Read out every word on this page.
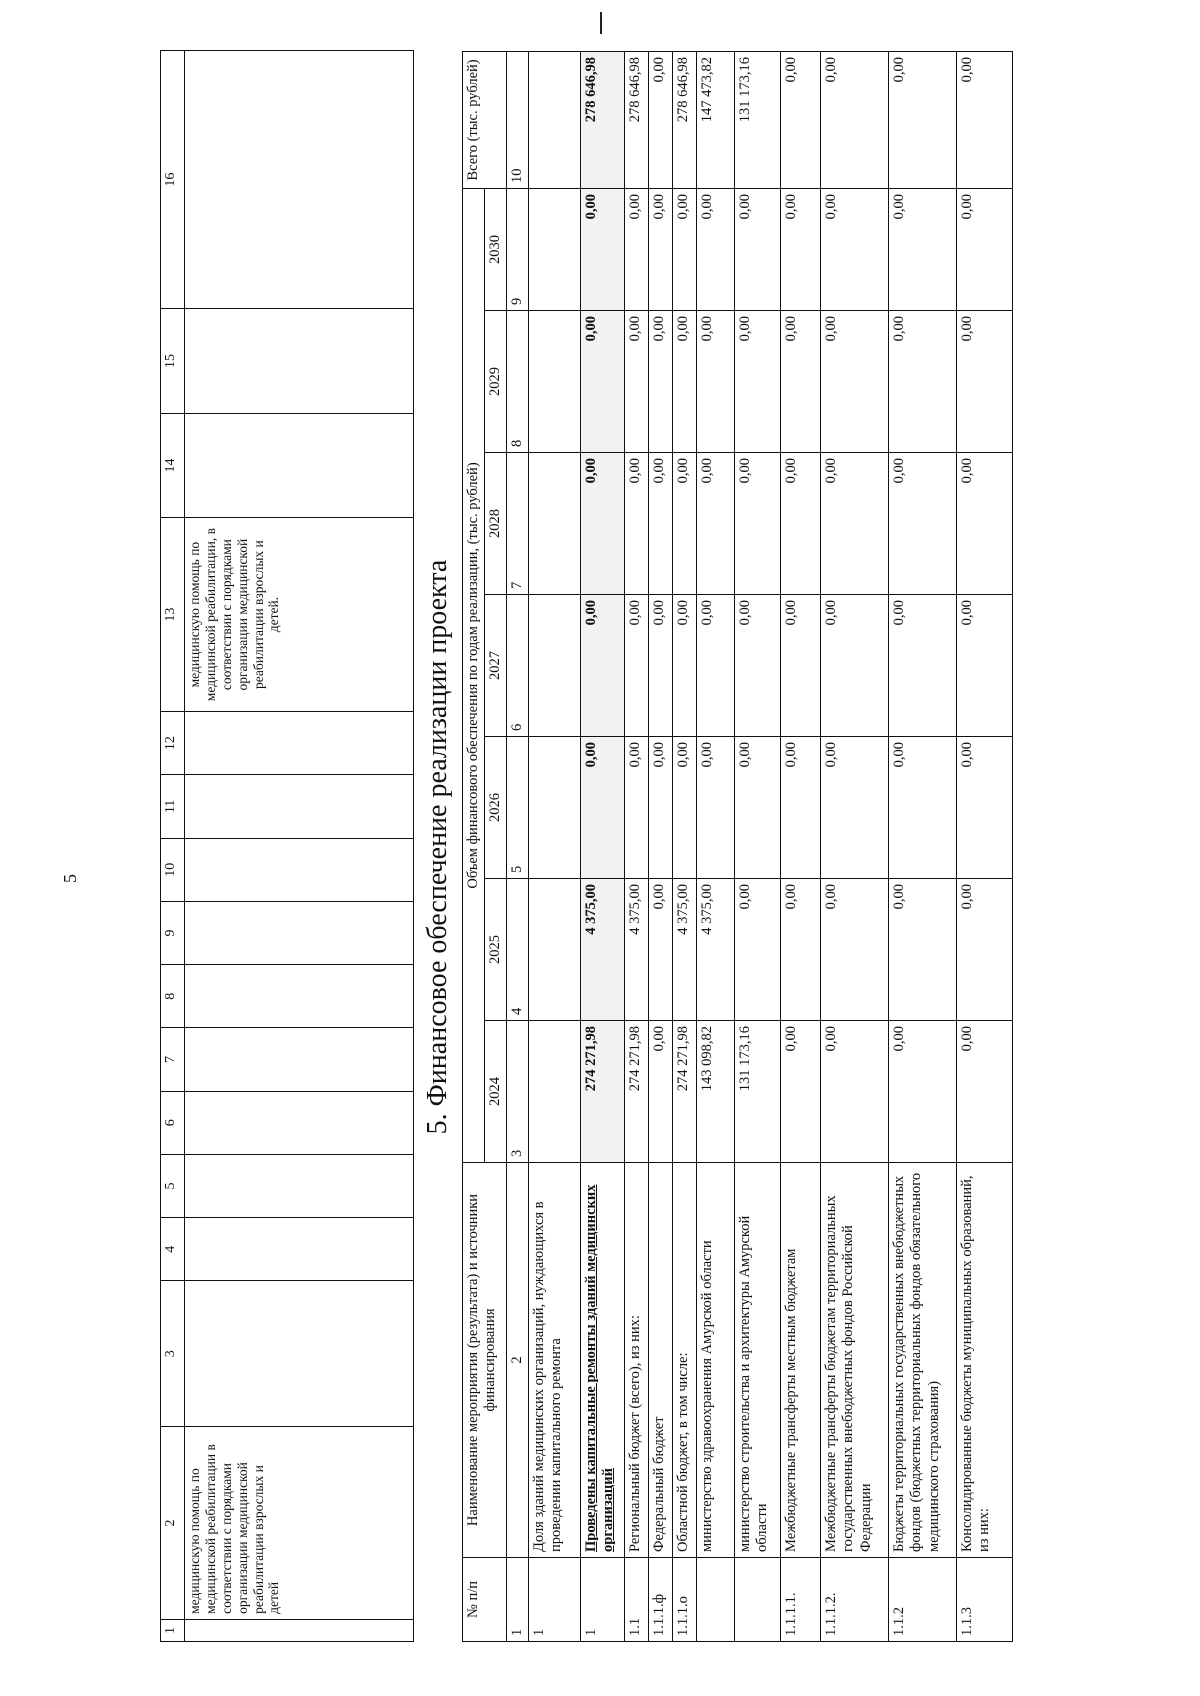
5
1	2	3	4	5	6	7	8	9	10	11	12	13	14	15	16
	медицинскую помощь по медицинской реабилитации в соответствии с порядками организации медицинской реабилитации взрослых и детей											медицинскую помощь по медицинской реабилитации, в соответствии с порядками организации медицинской реабилитации взрослых и детей.				5. Финансовое обеспечение реализации проекта
№ п/п	Наименование мероприятия (результата) и источники финансирования	Объем финансового обеспечения по годам реализации, (тыс. рублей)							Всего (тыс. рублей)
		2024	2025	2026	2027	2028	2029	2030	
1	2	3	4	5	6	7	8	9	10
1	Доля зданий медицинских организаций, нуждающихся в проведении капитального ремонта								
1	Проведены капитальные ремонты зданий медицинских организаций	274 271,98	4 375,00	0,00	0,00	0,00	0,00	0,00	278 646,98
1.1	Региональный бюджет (всего), из них:	274 271,98	4 375,00	0,00	0,00	0,00	0,00	0,00	278 646,98
1.1.1.ф	Федеральный бюджет	0,00	0,00	0,00	0,00	0,00	0,00	0,00	0,00
1.1.1.о	Областной бюджет, в том числе:	274 271,98	4 375,00	0,00	0,00	0,00	0,00	0,00	278 646,98
	министерство здравоохранения Амурской области	143 098,82	4 375,00	0,00	0,00	0,00	0,00	0,00	147 473,82
	министерство строительства и архитектуры Амурской области	131 173,16	0,00	0,00	0,00	0,00	0,00	0,00	131 173,16
1.1.1.1.	Межбюджетные трансферты местным бюджетам	0,00	0,00	0,00	0,00	0,00	0,00	0,00	0,00
1.1.1.2.	Межбюджетные трансферты бюджетам территориальных государственных внебюджетных фондов Российской Федерации	0,00	0,00	0,00	0,00	0,00	0,00	0,00	0,00
1.1.2	Бюджеты территориальных государственных внебюджетных фондов (бюджетных территориальных фондов обязательного медицинского страхования)	0,00	0,00	0,00	0,00	0,00	0,00	0,00	0,00
1.1.3	Консолидированные бюджеты муниципальных образований, из них:	0,00	0,00	0,00	0,00	0,00	0,00	0,00	0,00
